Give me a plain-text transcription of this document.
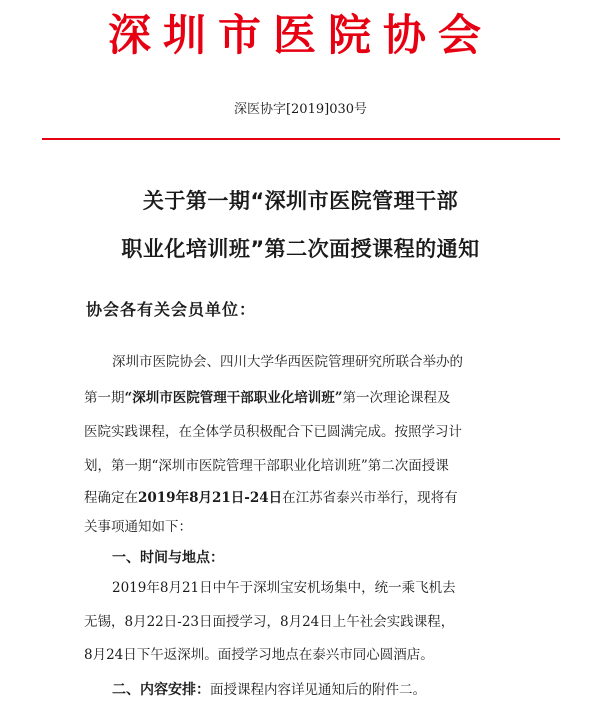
深圳市医院协会
深医协字[2019]030号
关于第一期“深圳市医院管理干部
职业化培训班”第二次面授课程的通知
协会各有关会员单位：
深圳市医院协会、四川大学华西医院管理研究所联合举办的
第一期“深圳市医院管理干部职业化培训班”第一次理论课程及
医院实践课程，在全体学员积极配合下已圆满完成。按照学习计
划，第一期“深圳市医院管理干部职业化培训班”第二次面授课
程确定在2019年8月21日-24日在江苏省泰兴市举行，现将有
关事项通知如下：
一、时间与地点：
2019年8月21日中午于深圳宝安机场集中，统一乘飞机去
无锡，8月22日-23日面授学习，8月24日上午社会实践课程，
8月24日下午返深圳。面授学习地点在泰兴市同心圆酒店。
二、内容安排：面授课程内容详见通知后的附件二。
